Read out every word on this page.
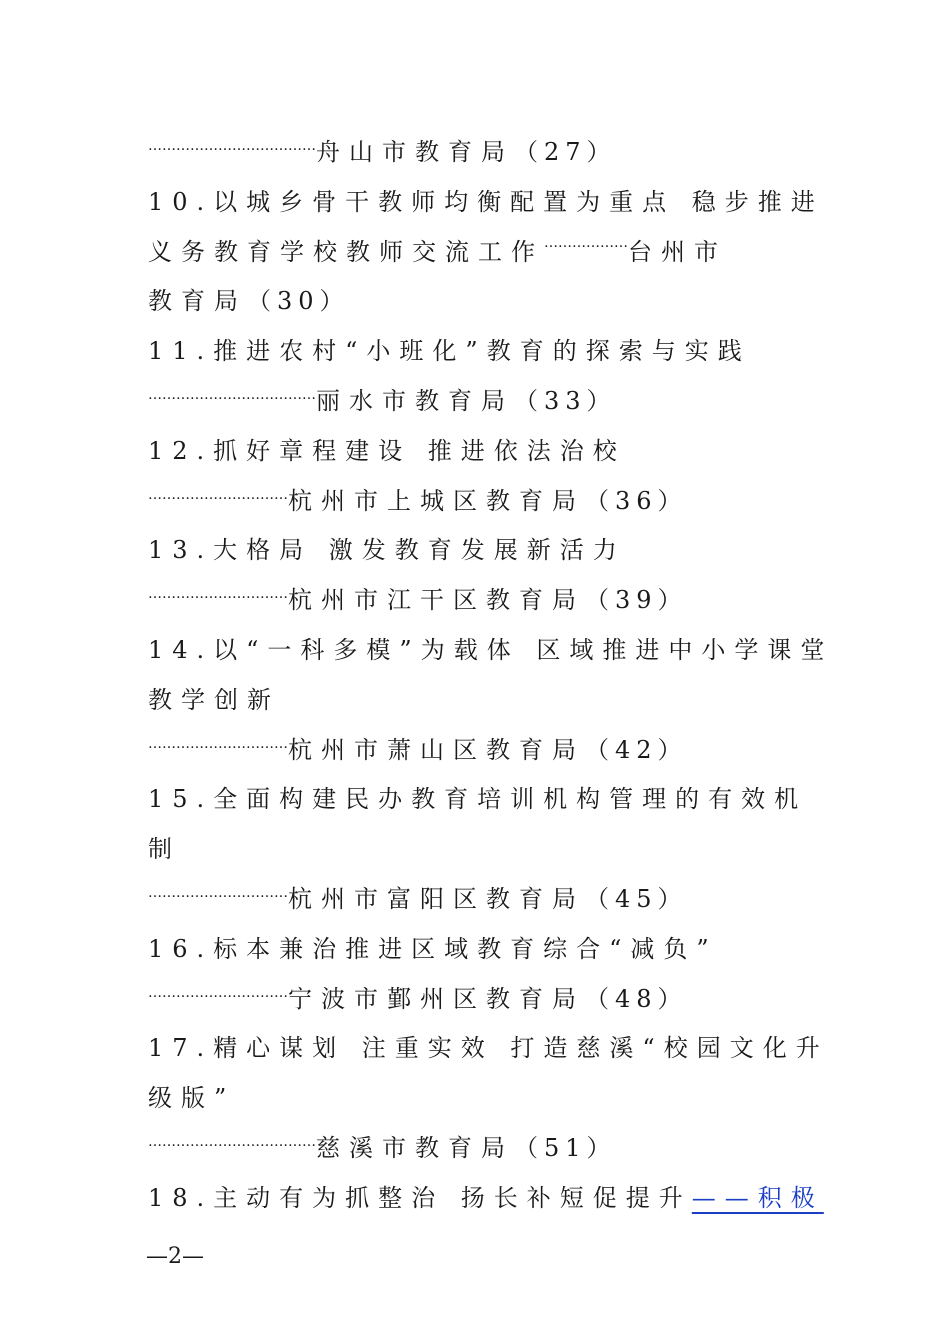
………………………………舟山市教育局（27）
10.以城乡骨干教师均衡配置为重点 稳步推进
义务教育学校教师交流工作………………台州市
教育局（30）
11.推进农村“小班化”教育的探索与实践
………………………………丽水市教育局（33）
12.抓好章程建设 推进依法治校
…………………………杭州市上城区教育局（36）
13.大格局 激发教育发展新活力
…………………………杭州市江干区教育局（39）
14.以“一科多模”为载体 区域推进中小学课堂
教学创新
…………………………杭州市萧山区教育局（42）
15.全面构建民办教育培训机构管理的有效机
制
…………………………杭州市富阳区教育局（45）
16.标本兼治推进区域教育综合“减负”
…………………………宁波市鄞州区教育局（48）
17.精心谋划 注重实效 打造慈溪“校园文化升
级版”
………………………………慈溪市教育局（51）
18.主动有为抓整治 扬长补短促提升——积极
—2—
